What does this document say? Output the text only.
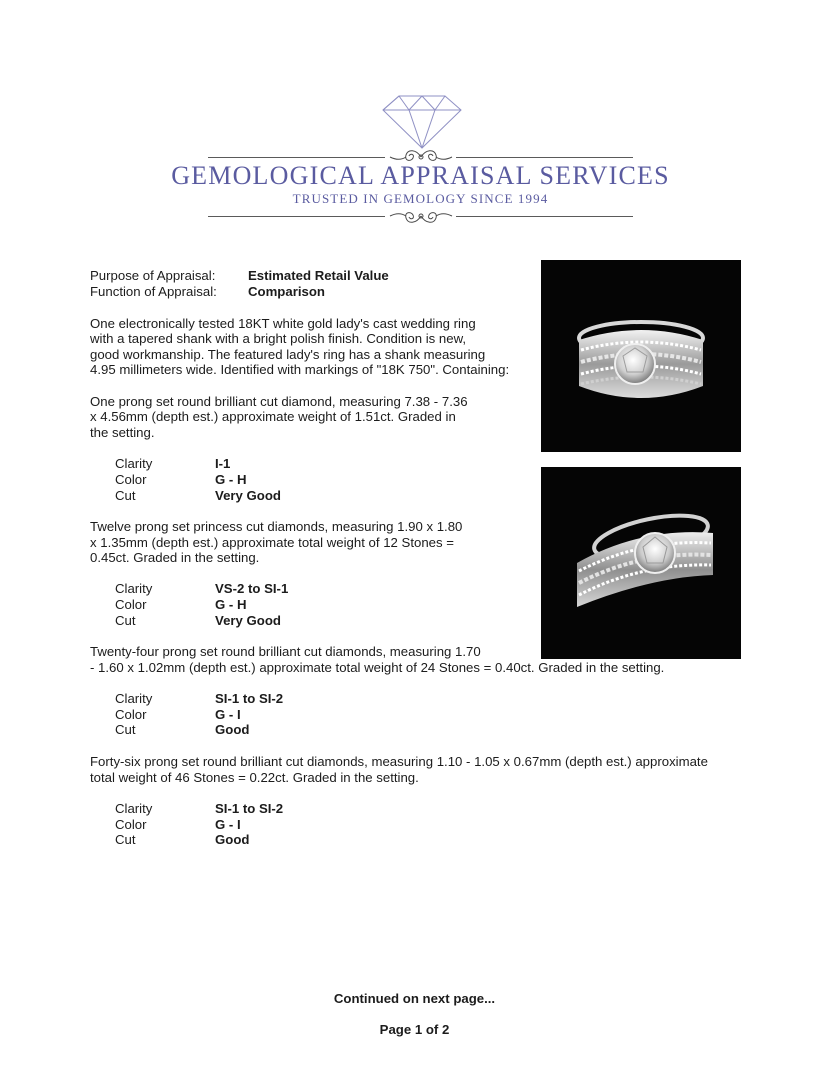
GEMOLOGICAL APPRAISAL SERVICES
TRUSTED IN GEMOLOGY SINCE 1994
Purpose of Appraisal: Estimated Retail Value
Function of Appraisal: Comparison
One electronically tested 18KT white gold lady's cast wedding ring
with a tapered shank with a bright polish finish. Condition is new,
good workmanship. The featured lady's ring has a shank measuring
4.95 millimeters wide. Identified with markings of "18K 750". Containing:
One prong set round brilliant cut diamond, measuring 7.38 - 7.36
x 4.56mm (depth est.) approximate weight of 1.51ct. Graded in
the setting.
Clarity	I-1
Color	G - H
Cut	Very Good
Twelve prong set princess cut diamonds, measuring 1.90 x 1.80
x 1.35mm (depth est.) approximate total weight of 12 Stones =
0.45ct. Graded in the setting.
Clarity	VS-2 to SI-1
Color	G - H
Cut	Very Good
Twenty-four prong set round brilliant cut diamonds, measuring 1.70
- 1.60 x 1.02mm (depth est.) approximate total weight of 24 Stones = 0.40ct. Graded in the setting.
Clarity	SI-1 to SI-2
Color	G - I
Cut	Good
Forty-six prong set round brilliant cut diamonds, measuring 1.10 - 1.05 x 0.67mm (depth est.) approximate
total weight of 46 Stones = 0.22ct. Graded in the setting.
Clarity	SI-1 to SI-2
Color	G - I
Cut	Good
Continued on next page...
Page 1 of 2
